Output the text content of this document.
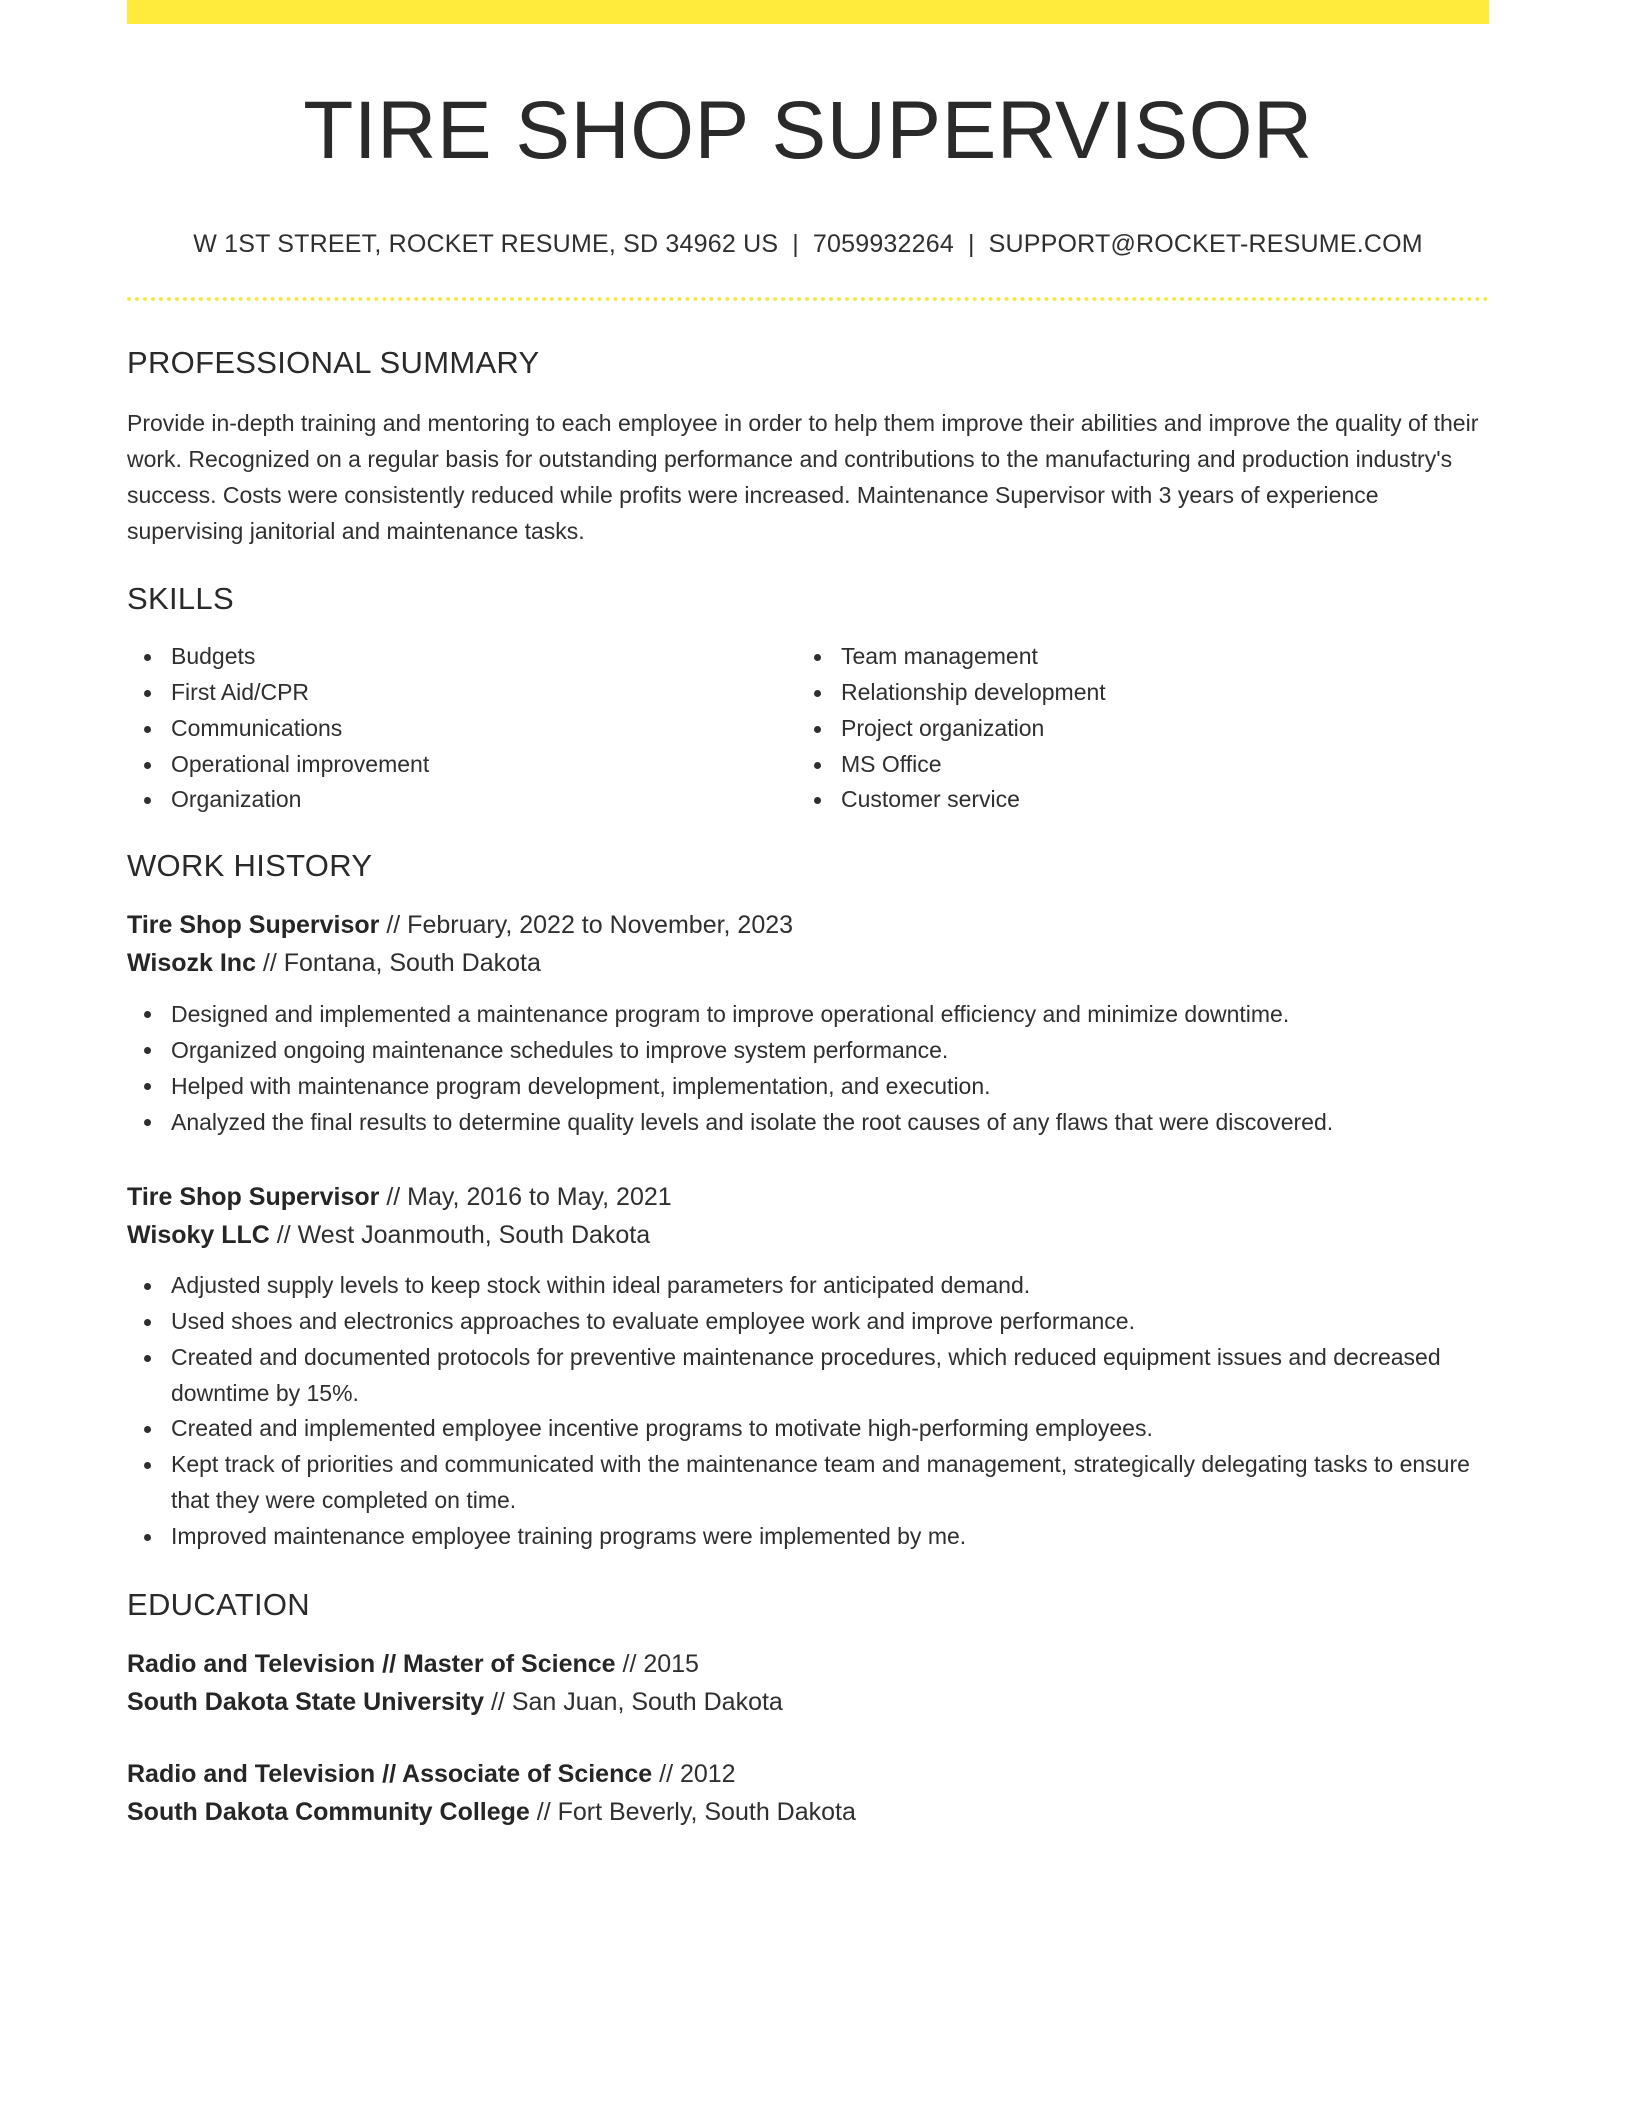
TIRE SHOP SUPERVISOR
W 1ST STREET, ROCKET RESUME, SD 34962 US | 7059932264 | SUPPORT@ROCKET-RESUME.COM
PROFESSIONAL SUMMARY

Provide in-depth training and mentoring to each employee in order to help them improve their abilities and improve the quality of their work. Recognized on a regular basis for outstanding performance and contributions to the manufacturing and production industry's success. Costs were consistently reduced while profits were increased. Maintenance Supervisor with 3 years of experience supervising janitorial and maintenance tasks.

SKILLS
Budgets
First Aid/CPR
Communications
Operational improvement
Organization
Team management
Relationship development
Project organization
MS Office
Customer service
WORK HISTORY
Tire Shop Supervisor // February, 2022 to November, 2023
Wisozk Inc // Fontana, South Dakota
Designed and implemented a maintenance program to improve operational efficiency and minimize downtime.
Organized ongoing maintenance schedules to improve system performance.
Helped with maintenance program development, implementation, and execution.
Analyzed the final results to determine quality levels and isolate the root causes of any flaws that were discovered.
Tire Shop Supervisor // May, 2016 to May, 2021
Wisoky LLC // West Joanmouth, South Dakota
Adjusted supply levels to keep stock within ideal parameters for anticipated demand.
Used shoes and electronics approaches to evaluate employee work and improve performance.
Created and documented protocols for preventive maintenance procedures, which reduced equipment issues and decreased downtime by 15%.
Created and implemented employee incentive programs to motivate high-performing employees.
Kept track of priorities and communicated with the maintenance team and management, strategically delegating tasks to ensure that they were completed on time.
Improved maintenance employee training programs were implemented by me.
EDUCATION
Radio and Television // Master of Science // 2015
South Dakota State University // San Juan, South Dakota
Radio and Television // Associate of Science // 2012
South Dakota Community College // Fort Beverly, South Dakota
